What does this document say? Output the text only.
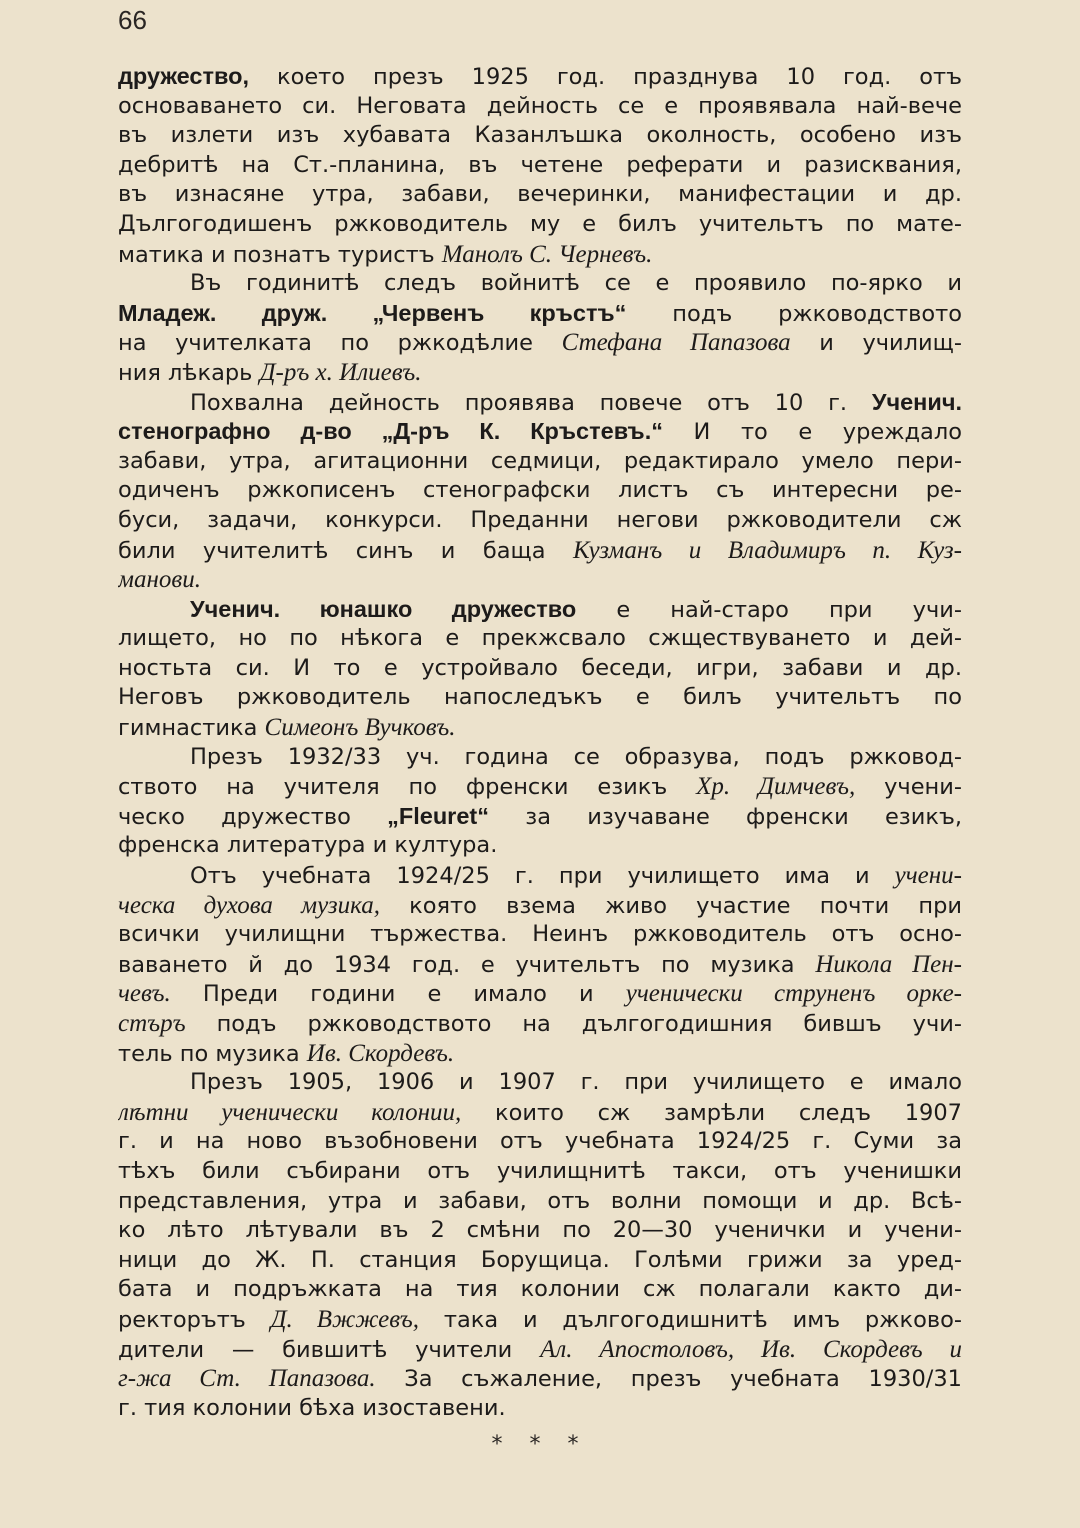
66
дружество, което презъ 1925 год. празднува 10 год. отъ
основаването си. Неговата дейность се е проявявала най-вече
въ излети изъ хубавата Казанлъшка околность, особено изъ
дебритѣ на Ст.-планина, въ четене реферати и разисквания,
въ изнасяне утра, забави, вечеринки, манифестации и др.
Дългогодишенъ ржководитель му е билъ учительтъ по мате-
матика и познатъ туристъ Манолъ С. Черневъ.
Въ годинитѣ следъ войнитѣ се е проявило по-ярко и
Младеж. друж. „Червенъ кръстъ“ подъ ржководството
на учителката по ржкодѣлие Стефана Папазова и училищ-
ния лѣкарь Д-ръ х. Илиевъ.
Похвална дейность проявява повече отъ 10 г. Ученич.
стенографно д-во „Д-ръ К. Кръстевъ.“ И то е уреждало
забави, утра, агитационни седмици, редактирало умело пери-
одиченъ ржкописенъ стенографски листъ съ интересни ре-
буси, задачи, конкурси. Преданни негови ржководители сж
били учителитѣ синъ и баща Кузманъ и Владимиръ п. Куз-
манови.
Ученич. юнашко дружество е най-старо при учи-
лището, но по нѣкога е прекжсвало сжществуването и дей-
ностьта си. И то е устройвало беседи, игри, забави и др.
Неговъ ржководитель напоследъкъ е билъ учительтъ по
гимнастика Симеонъ Вучковъ.
Презъ 1932/33 уч. година се образува, подъ ржковод-
ството на учителя по френски езикъ Хр. Димчевъ, учени-
ческо дружество „Fleuret“ за изучаване френски езикъ,
френска литература и култура.
Отъ учебната 1924/25 г. при училището има и учени-
ческа духова музика, която взема живо участие почти при
всички училищни тържества. Неинъ ржководитель отъ осно-
ваването й до 1934 год. е учительтъ по музика Никола Пен-
чевъ. Преди години е имало и ученически струненъ орке-
стъръ подъ ржководството на дългогодишния бившъ учи-
тель по музика Ив. Скордевъ.
Презъ 1905, 1906 и 1907 г. при училището е имало
лѣтни ученически колонии, които сж замрѣли следъ 1907
г. и на ново възобновени отъ учебната 1924/25 г. Суми за
тѣхъ били събирани отъ училищнитѣ такси, отъ ученишки
представления, утра и забави, отъ волни помощи и др. Всѣ-
ко лѣто лѣтували въ 2 смѣни по 20—30 ученички и учени-
ници до Ж. П. станция Борущица. Голѣми грижи за уред-
бата и подръжката на тия колонии сж полагали както ди-
ректорътъ Д. Вжжевъ, така и дългогодишнитѣ имъ ржково-
дители — бившитѣ учители Ал. Апостоловъ, Ив. Скордевъ и
г-жа Ст. Папазова. За съжаление, презъ учебната 1930/31
г. тия колонии бѣха изоставени.
* * *
